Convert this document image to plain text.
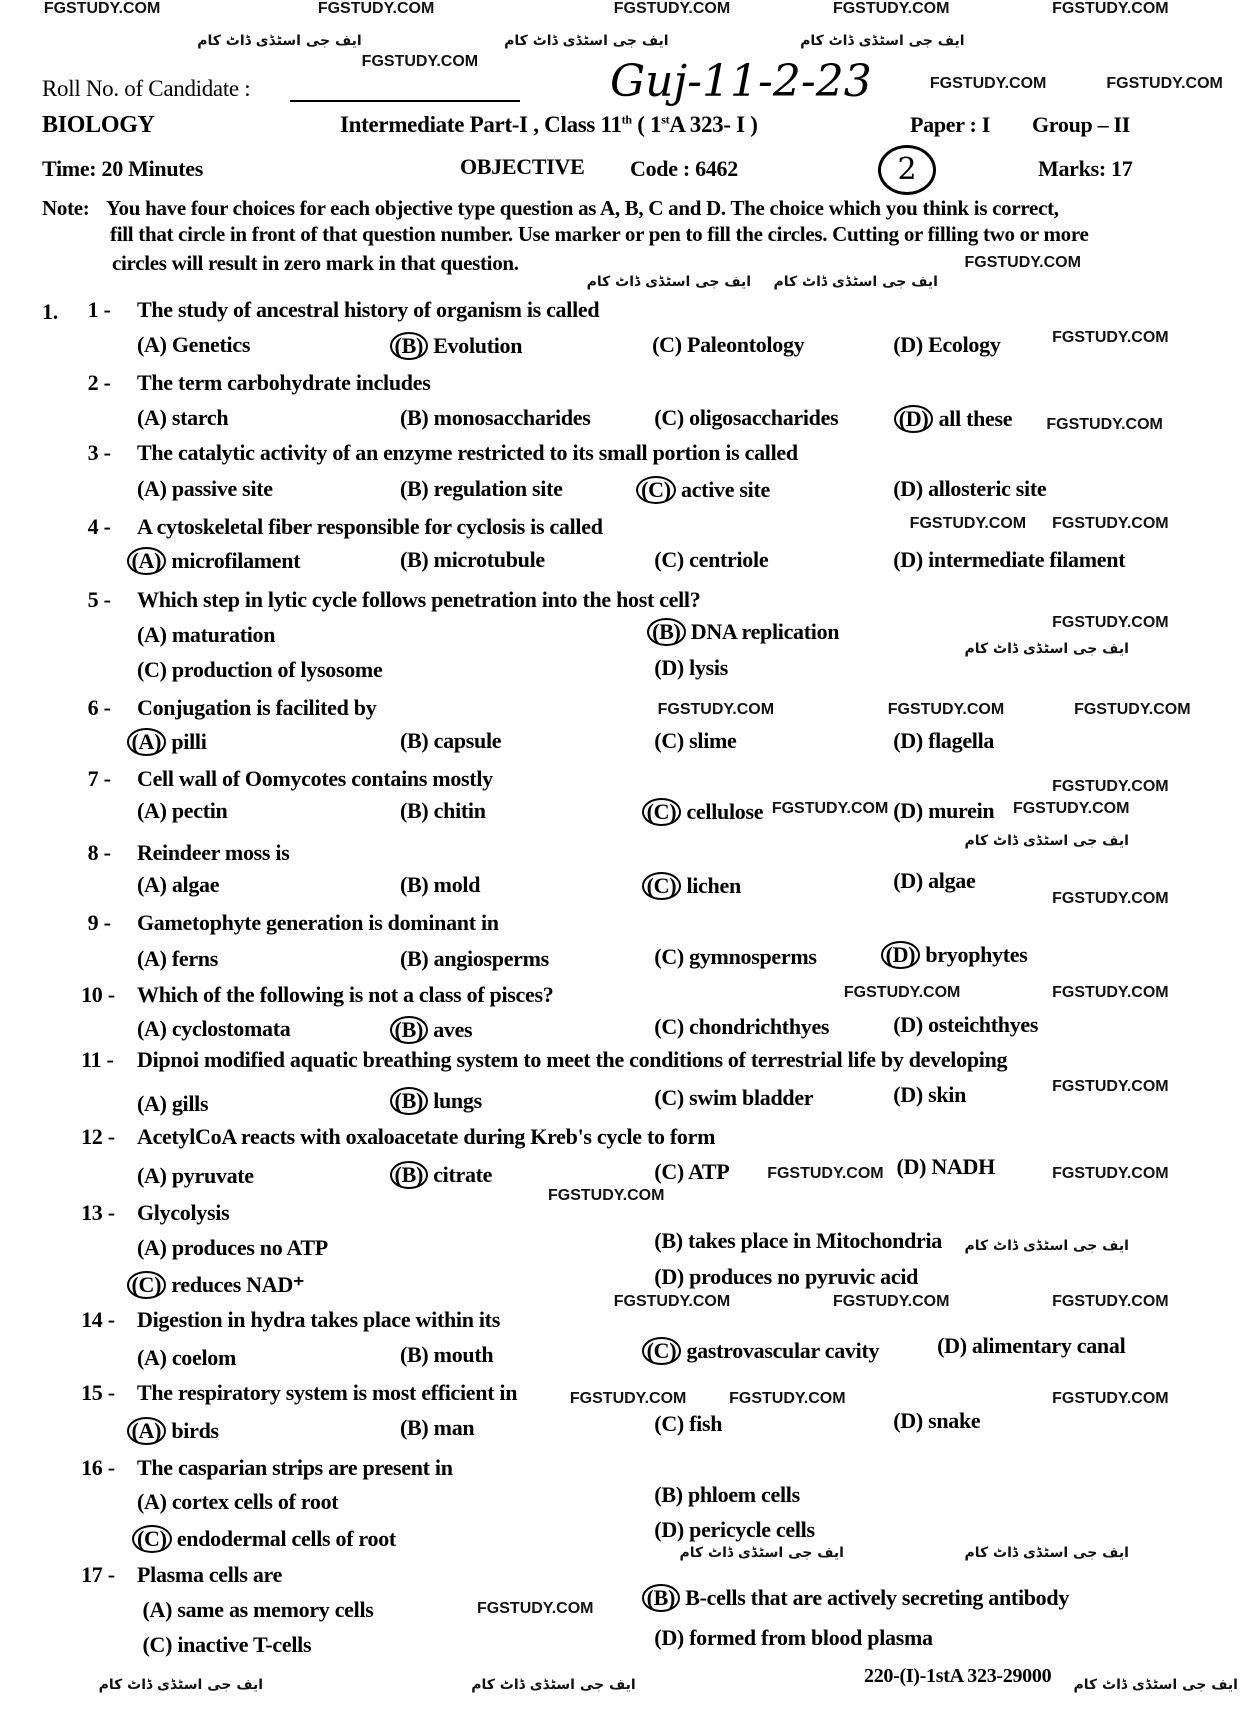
Roll No. of Candidate :	Guj-11-2-23
BIOLOGY	Intermediate Part-I , Class 11th ( 1stA 323- I )	Paper : I Group – II
Time: 20 Minutes	OBJECTIVE Code : 6462	2	Marks: 17
Note: You have four choices for each objective type question as A, B, C and D. The choice which you think is correct,
fill that circle in front of that question number. Use marker or pen to fill the circles. Cutting or filling two or more
circles will result in zero mark in that question.
1.
220-(I)-1stA 323-29000
1 - The study of ancestral history of organism is called
(A) Genetics	(B) Evolution	(C) Paleontology	(D) Ecology
2 - The term carbohydrate includes
(A) starch	(B) monosaccharides	(C) oligosaccharides	(D) all these
3 - The catalytic activity of an enzyme restricted to its small portion is called
(A) passive site	(B) regulation site	(C) active site	(D) allosteric site
4 - A cytoskeletal fiber responsible for cyclosis is called
(A) microfilament	(B) microtubule	(C) centriole	(D) intermediate filament
5 - Which step in lytic cycle follows penetration into the host cell?
(A) maturation	(B) DNA replication
(C) production of lysosome	(D) lysis
6 - Conjugation is facilited by
(A) pilli	(B) capsule	(C) slime	(D) flagella
7 - Cell wall of Oomycotes contains mostly
(A) pectin	(B) chitin	(C) cellulose	(D) murein
8 - Reindeer moss is
(A) algae	(B) mold	(C) lichen	(D) algae
9 - Gametophyte generation is dominant in
(A) ferns	(B) angiosperms	(C) gymnosperms	(D) bryophytes
10 - Which of the following is not a class of pisces?
(A) cyclostomata	(B) aves	(C) chondrichthyes	(D) osteichthyes
11 - Dipnoi modified aquatic breathing system to meet the conditions of terrestrial life by developing
(A) gills	(B) lungs	(C) swim bladder	(D) skin
12 - AcetylCoA reacts with oxaloacetate during Kreb's cycle to form
(A) pyruvate	(B) citrate	(C) ATP	(D) NADH
13 - Glycolysis
(A) produces no ATP	(B) takes place in Mitochondria
(C) reduces NAD⁺	(D) produces no pyruvic acid
14 - Digestion in hydra takes place within its
(A) coelom	(B) mouth	(C) gastrovascular cavity	(D) alimentary canal
15 - The respiratory system is most efficient in
(A) birds	(B) man	(C) fish	(D) snake
16 - The casparian strips are present in
(A) cortex cells of root	(B) phloem cells
(C) endodermal cells of root	(D) pericycle cells
17 - Plasma cells are
(A) same as memory cells	(B) B-cells that are actively secreting antibody
(C) inactive T-cells	(D) formed from blood plasma
FGSTUDY.COM	FGSTUDY.COM	FGSTUDY.COM	FGSTUDY.COM	FGSTUDY.COM
FGSTUDY.COM
FGSTUDY.COM	FGSTUDY.COM
FGSTUDY.COM
FGSTUDY.COM
FGSTUDY.COM
FGSTUDY.COM FGSTUDY.COM
FGSTUDY.COM
FGSTUDY.COM
FGSTUDY.COM	FGSTUDY.COM
FGSTUDY.COM	FGSTUDY.COM
FGSTUDY.COM
FGSTUDY.COM
FGSTUDY.COM	FGSTUDY.COM
FGSTUDY.COM
FGSTUDY.COM
FGSTUDY.COM	FGSTUDY.COM
FGSTUDY.COM	FGSTUDY.COM	FGSTUDY.COM
FGSTUDY.COM	FGSTUDY.COM	FGSTUDY.COM
FGSTUDY.COM
ایف جی اسٹڈی ڈاٹ کام	ایف جی اسٹڈی ڈاٹ کام	ایف جی اسٹڈی ڈاٹ کام
ایف جی اسٹڈی ڈاٹ کام
ایف جی اسٹڈی ڈاٹ کام
ایف جی اسٹڈی ڈاٹ کام
ایف جی اسٹڈی ڈاٹ کام
ایف جی اسٹڈی ڈاٹ کام
ایف جی اسٹڈی ڈاٹ کام
ایف جی اسٹڈی ڈاٹ کام
ایف جی اسٹڈی ڈاٹ کام
ایف جی اسٹڈی ڈاٹ کام	ایف جی اسٹڈی ڈاٹ کام
